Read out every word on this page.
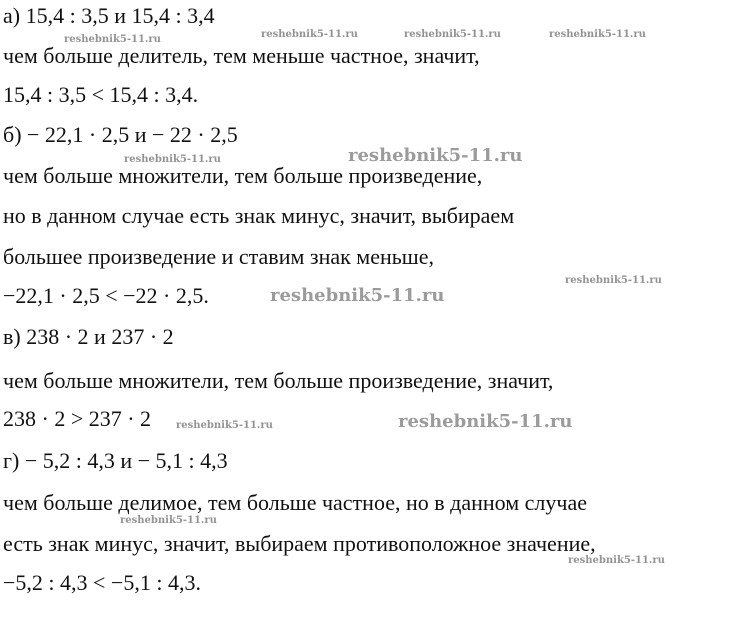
а) 15,4 : 3,5 и 15,4 : 3,4
чем больше делитель, тем меньше частное, значит,
15,4 : 3,5 < 15,4 : 3,4.
б) − 22,1 · 2,5 и − 22 · 2,5
чем больше множители, тем больше произведение,
но в данном случае есть знак минус, значит, выбираем
большее произведение и ставим знак меньше,
−22,1 · 2,5 < −22 · 2,5.
в) 238 · 2 и 237 · 2
чем больше множители, тем больше произведение, значит,
238 · 2 > 237 · 2
г) − 5,2 : 4,3 и − 5,1 : 4,3
чем больше делимое, тем больше частное, но в данном случае
есть знак минус, значит, выбираем противоположное значение,
−5,2 : 4,3 < −5,1 : 4,3.
reshebnik5-11.ru	reshebnik5-11.ru	reshebnik5-11.ru	reshebnik5-11.ru
reshebnik5-11.ru	reshebnik5-11.ru
reshebnik5-11.ru
reshebnik5-11.ru
reshebnik5-11.ru	reshebnik5-11.ru
reshebnik5-11.ru
reshebnik5-11.ru
